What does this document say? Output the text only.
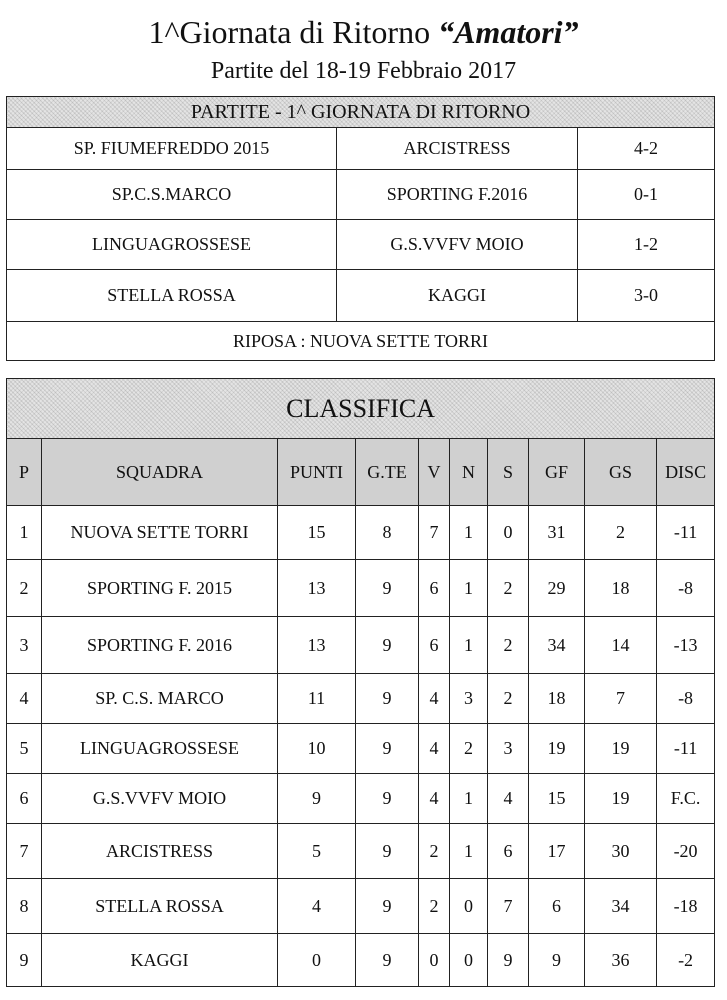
1^Giornata di Ritorno “Amatori”
Partite del 18-19 Febbraio 2017
PARTITE - 1^ GIORNATA DI RITORNO		
SP. FIUMEFREDDO 2015	ARCISTRESS	4-2
SP.C.S.MARCO	SPORTING F.2016	0-1
LINGUAGROSSESE	G.S.VVFV MOIO	1-2
STELLA ROSSA	KAGGI	3-0
RIPOSA : NUOVA SETTE TORRI		
CLASSIFICA									
P	SQUADRA	PUNTI	G.TE	V	N	S	GF	GS	DISC
1	NUOVA SETTE TORRI	15	8	7	1	0	31	2	-11
2	SPORTING F. 2015	13	9	6	1	2	29	18	-8
3	SPORTING F. 2016	13	9	6	1	2	34	14	-13
4	SP. C.S. MARCO	11	9	4	3	2	18	7	-8
5	LINGUAGROSSESE	10	9	4	2	3	19	19	-11
6	G.S.VVFV MOIO	9	9	4	1	4	15	19	F.C.
7	ARCISTRESS	5	9	2	1	6	17	30	-20
8	STELLA ROSSA	4	9	2	0	7	6	34	-18
9	KAGGI	0	9	0	0	9	9	36	-2
